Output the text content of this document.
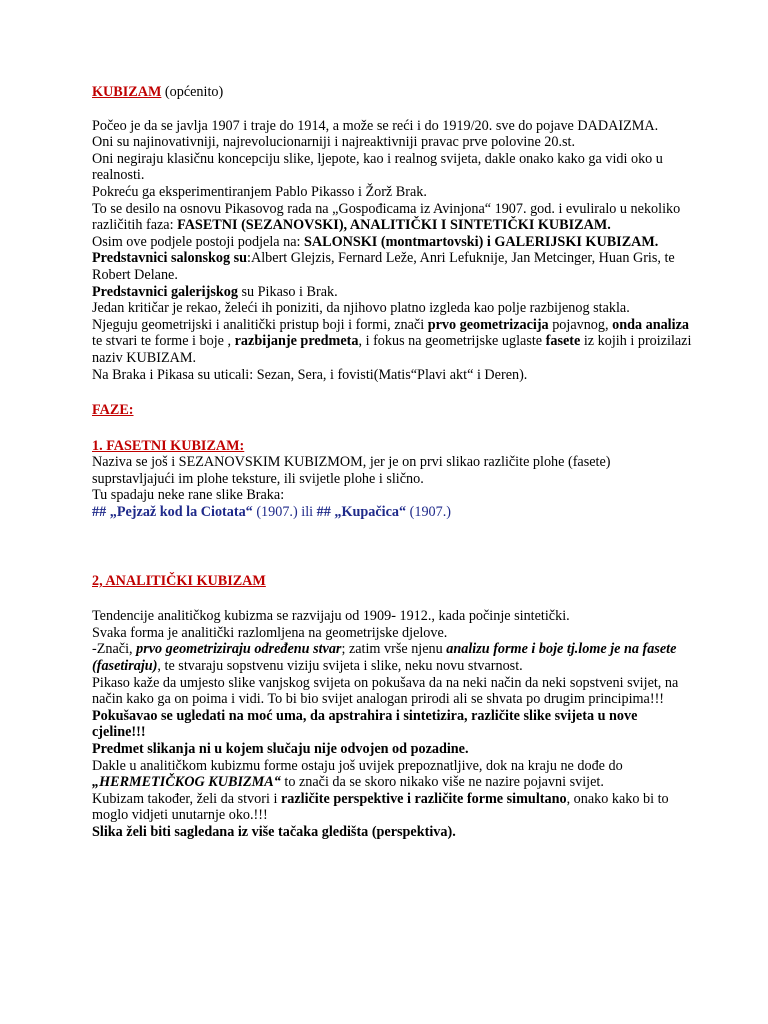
KUBIZAM (općenito)

Počeo je da se javlja 1907 i traje do 1914, a može se reći i do 1919/20. sve do pojave DADAIZMA.

Oni su najinovativniji, najrevolucionarniji i najreaktivniji pravac prve polovine 20.st.

Oni negiraju klasičnu koncepciju slike, ljepote, kao i realnog svijeta, dakle onako kako ga vidi oko u realnosti.

Pokreću ga eksperimentiranjem Pablo Pikasso i Žorž Brak.

To se desilo na osnovu Pikasovog rada na „Gospođicama iz Avinjona“ 1907. god. i evuliralo u nekoliko različitih faza: FASETNI (SEZANOVSKI), ANALITIČKI I SINTETIČKI KUBIZAM.

Osim ove podjele postoji podjela na: SALONSKI (montmartovski) i GALERIJSKI KUBIZAM.

Predstavnici salonskog su:Albert Glejzis, Fernard Leže, Anri Lefuknije, Jan Metcinger, Huan Gris, te Robert Delane.

Predstavnici galerijskog su Pikaso i Brak.

Jedan kritičar je rekao, želeći ih poniziti, da njihovo platno izgleda kao polje razbijenog stakla.

Njeguju geometrijski i analitički pristup boji i formi, znači prvo geometrizacija pojavnog, onda analiza te stvari te forme i boje , razbijanje predmeta, i fokus na geometrijske uglaste fasete iz kojih i proizilazi naziv KUBIZAM.

Na Braka i Pikasa su uticali: Sezan, Sera, i fovisti(Matis“Plavi akt“ i Deren).

FAZE:

1. FASETNI KUBIZAM:

Naziva se još i SEZANOVSKIM KUBIZMOM, jer je on prvi slikao različite plohe (fasete) suprstavljajući im plohe teksture, ili svijetle plohe i slično.

Tu spadaju neke rane slike Braka:

## „Pejzaž kod la Ciotata“ (1907.) ili ## „Kupačica“ (1907.)

2, ANALITIČKI KUBIZAM

Tendencije analitičkog kubizma se razvijaju od 1909- 1912., kada počinje sintetički.

Svaka forma je analitički razlomljena na geometrijske djelove.

-Znači, prvo geometriziraju određenu stvar; zatim vrše njenu analizu forme i boje tj.lome je na fasete (fasetiraju), te stvaraju sopstvenu viziju svijeta i slike, neku novu stvarnost.

Pikaso kaže da umjesto slike vanjskog svijeta on pokušava da na neki način da neki sopstveni svijet, na način kako ga on poima i vidi. To bi bio svijet analogan prirodi ali se shvata po drugim principima!!!

Pokušavao se ugledati na moć uma, da apstrahira i sintetizira, različite slike svijeta u nove cjeline!!!

Predmet slikanja ni u kojem slučaju nije odvojen od pozadine.

Dakle u analitičkom kubizmu forme ostaju još uvijek prepoznatljive, dok na kraju ne dođe do „HERMETIČKOG KUBIZMA“ to znači da se skoro nikako više ne nazire pojavni svijet.

Kubizam također, želi da stvori i različite perspektive i različite forme simultano, onako kako bi to moglo vidjeti unutarnje oko.!!!

Slika želi biti sagledana iz više tačaka gledišta (perspektiva).
